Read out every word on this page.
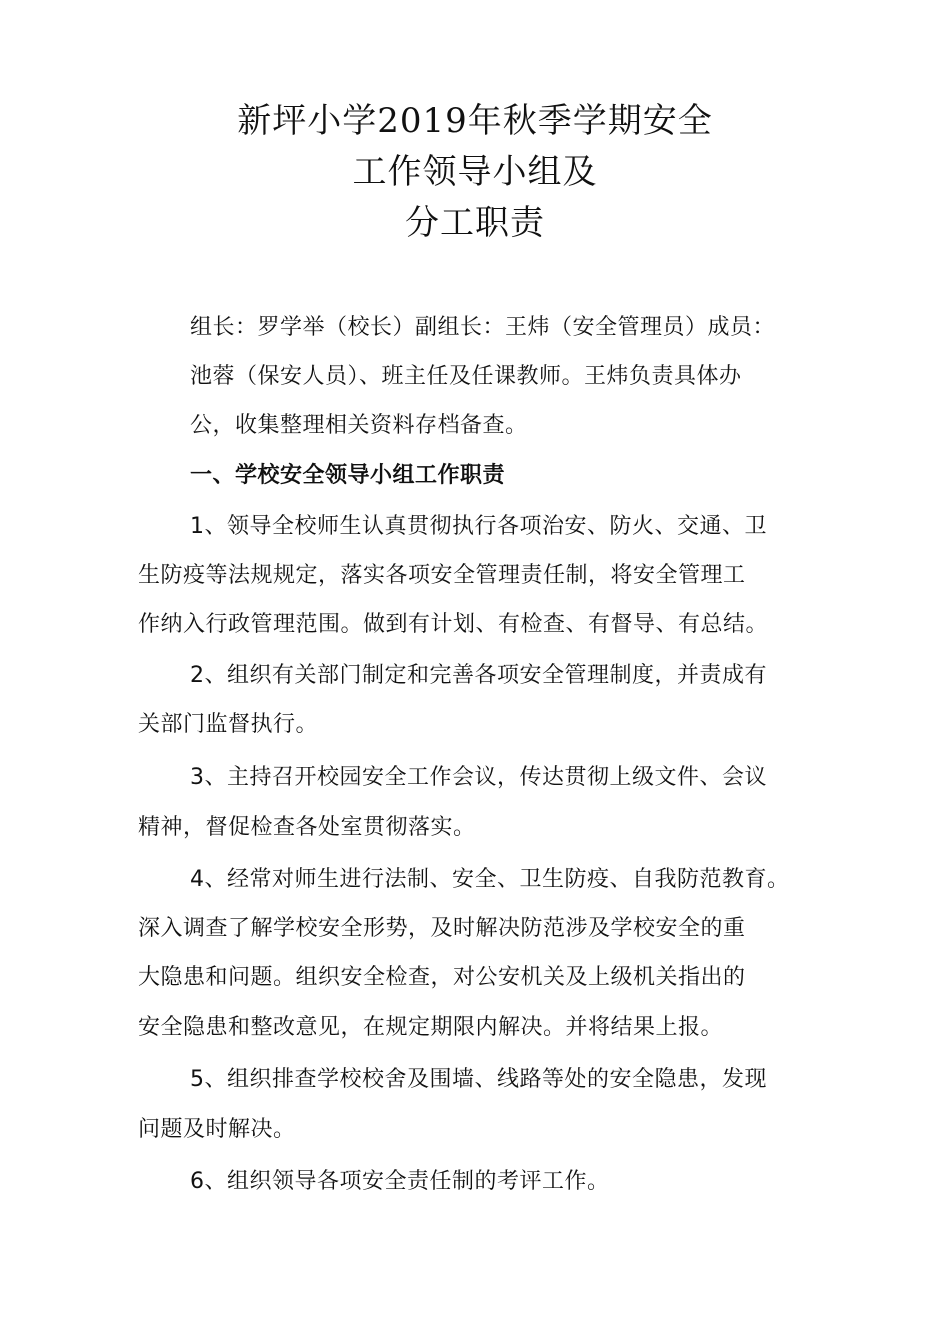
新坪小学2019年秋季学期安全
工作领导小组及
分工职责
组长：罗学举（校长）副组长：王炜（安全管理员）成员：
池蓉（保安人员）、班主任及任课教师。王炜负责具体办
公，收集整理相关资料存档备查。
一、学校安全领导小组工作职责
1、领导全校师生认真贯彻执行各项治安、防火、交通、卫
生防疫等法规规定，落实各项安全管理责任制，将安全管理工
作纳入行政管理范围。做到有计划、有检查、有督导、有总结。
2、组织有关部门制定和完善各项安全管理制度，并责成有
关部门监督执行。
3、主持召开校园安全工作会议，传达贯彻上级文件、会议
精神，督促检查各处室贯彻落实。
4、经常对师生进行法制、安全、卫生防疫、自我防范教育。
深入调查了解学校安全形势，及时解决防范涉及学校安全的重
大隐患和问题。组织安全检查，对公安机关及上级机关指出的
安全隐患和整改意见，在规定期限内解决。并将结果上报。
5、组织排查学校校舍及围墙、线路等处的安全隐患，发现
问题及时解决。
6、组织领导各项安全责任制的考评工作。
